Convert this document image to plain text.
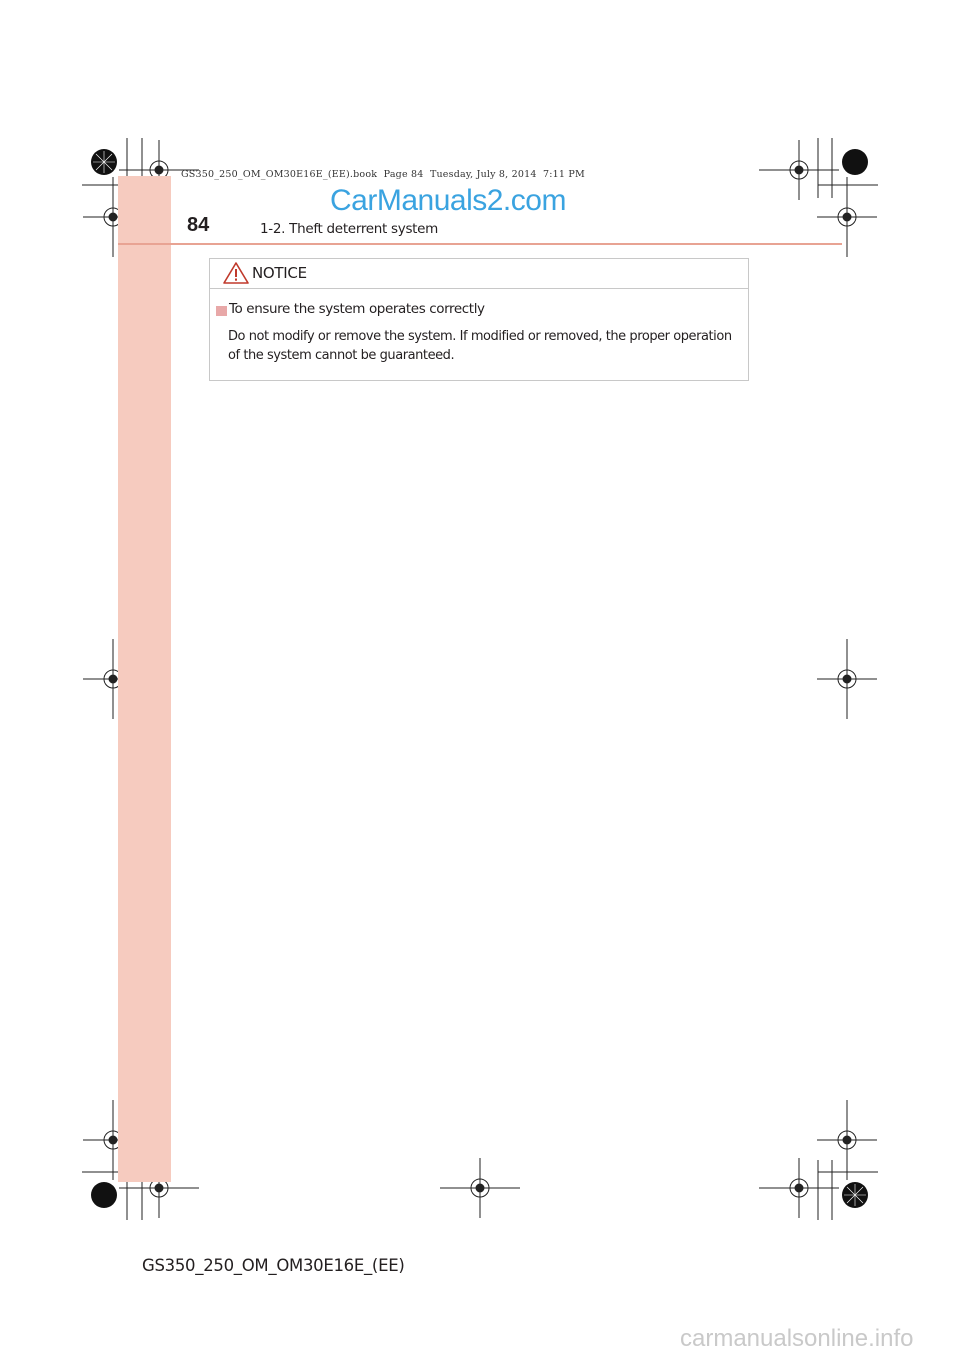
GS350_250_OM_OM30E16E_(EE).book  Page 84  Tuesday, July 8, 2014  7:11 PM
CarManuals2.com
84	1-2. Theft deterrent system
NOTICE
To ensure the system operates correctly

Do not modify or remove the system. If modified or removed, the proper operation of the system cannot be guaranteed.

GS350_250_OM_OM30E16E_(EE)
carmanualsonline.info
